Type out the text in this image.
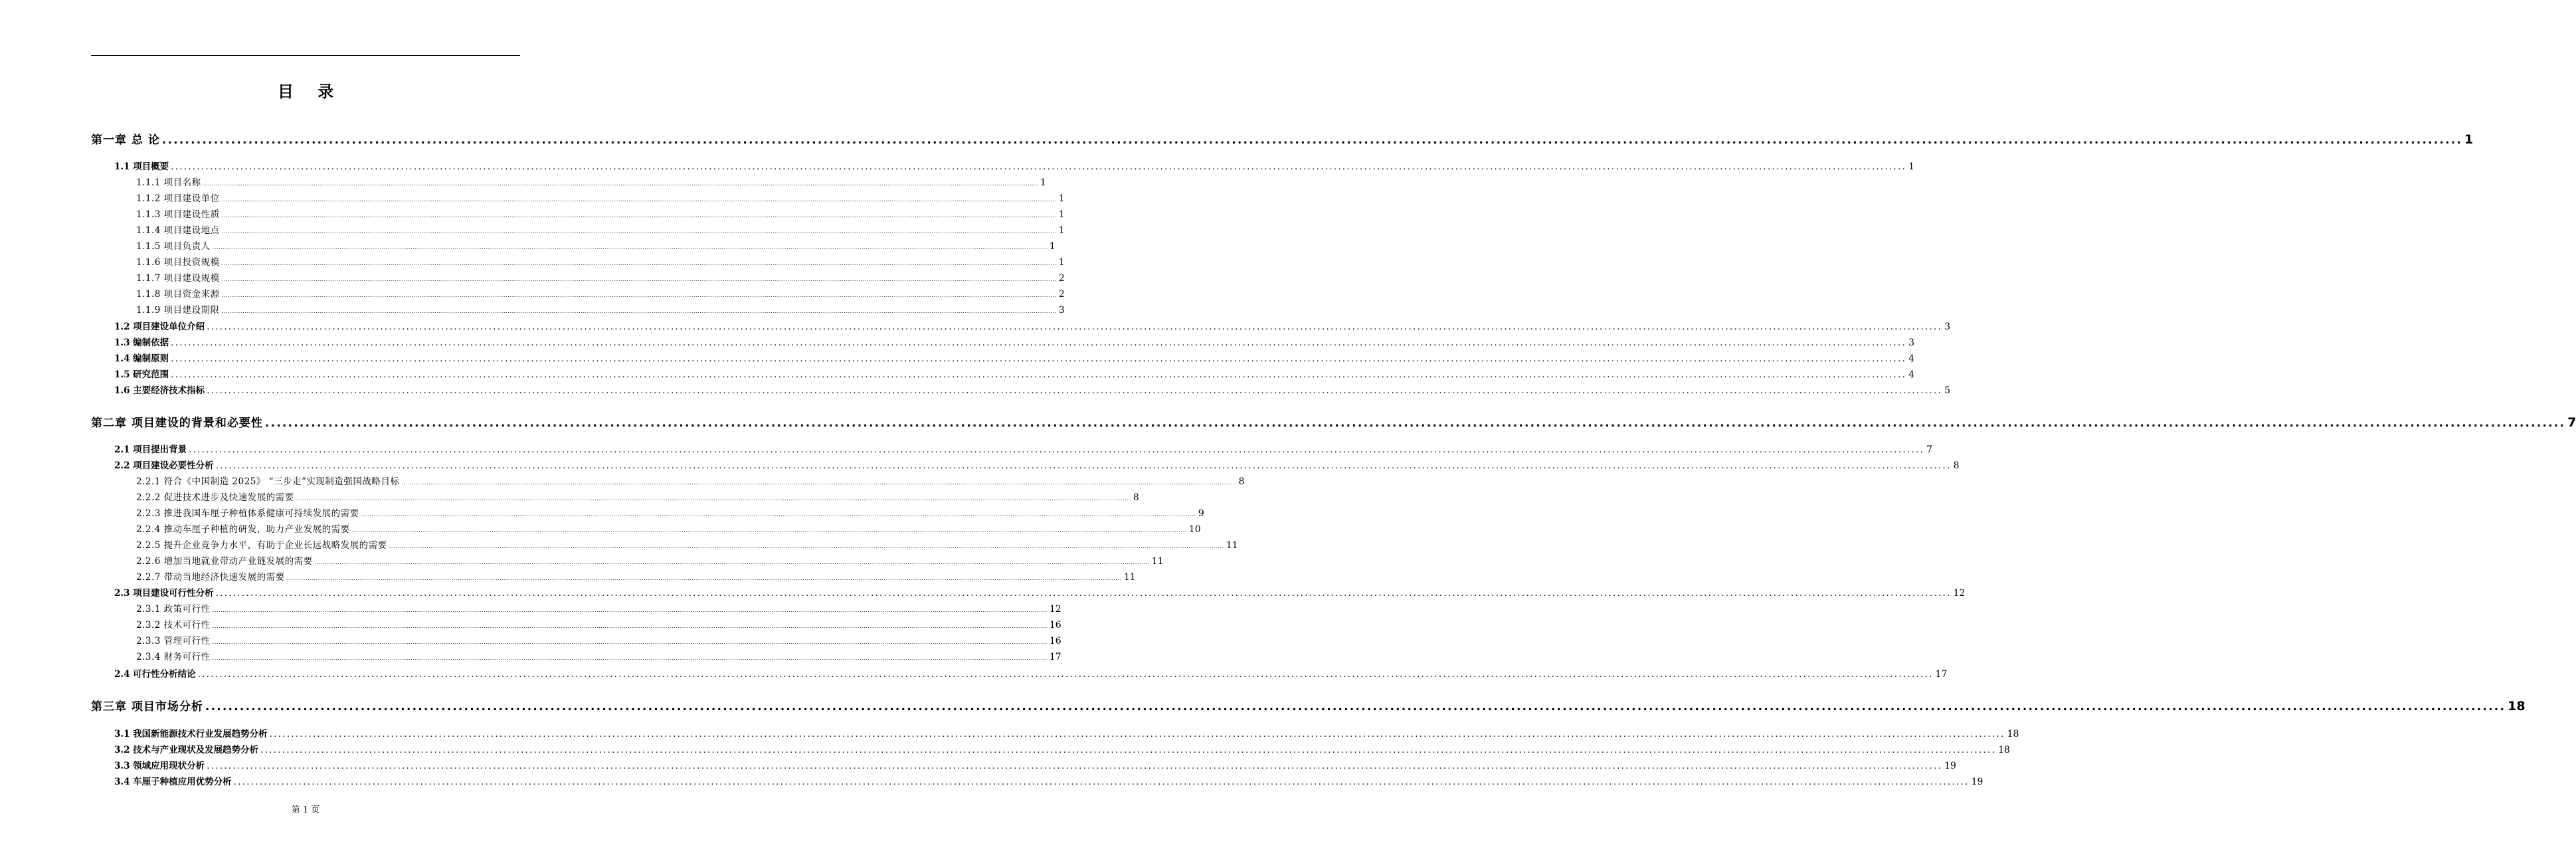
目 录
第一章 总 论 ................................................................................................................................................................................................................................................................................................................................................................................................................ 1
1.1 项目概要 ................................................................................................................................................................................................................................................................................................................................................................................................................ 1
1.1.1 项目名称 ................................................................................................................................................................................................................................................................................................................................................................................................................ 1
1.1.2 项目建设单位 ................................................................................................................................................................................................................................................................................................................................................................................................................ 1
1.1.3 项目建设性质 ................................................................................................................................................................................................................................................................................................................................................................................................................ 1
1.1.4 项目建设地点 ................................................................................................................................................................................................................................................................................................................................................................................................................ 1
1.1.5 项目负责人 ................................................................................................................................................................................................................................................................................................................................................................................................................ 1
1.1.6 项目投资规模 ................................................................................................................................................................................................................................................................................................................................................................................................................ 1
1.1.7 项目建设规模 ................................................................................................................................................................................................................................................................................................................................................................................................................ 2
1.1.8 项目资金来源 ................................................................................................................................................................................................................................................................................................................................................................................................................ 2
1.1.9 项目建设期限 ................................................................................................................................................................................................................................................................................................................................................................................................................ 3
1.2 项目建设单位介绍 ................................................................................................................................................................................................................................................................................................................................................................................................................ 3
1.3 编制依据 ................................................................................................................................................................................................................................................................................................................................................................................................................ 3
1.4 编制原则 ................................................................................................................................................................................................................................................................................................................................................................................................................ 4
1.5 研究范围 ................................................................................................................................................................................................................................................................................................................................................................................................................ 4
1.6 主要经济技术指标 ................................................................................................................................................................................................................................................................................................................................................................................................................ 5
第二章 项目建设的背景和必要性 ................................................................................................................................................................................................................................................................................................................................................................................................................ 7
2.1 项目提出背景 ................................................................................................................................................................................................................................................................................................................................................................................................................ 7
2.2 项目建设必要性分析 ................................................................................................................................................................................................................................................................................................................................................................................................................ 8
2.2.1 符合《中国制造 2025》 “三步走”实现制造强国战略目标 ................................................................................................................................................................................................................................................................................................................................................................................................................ 8
2.2.2 促进技术进步及快速发展的需要 ................................................................................................................................................................................................................................................................................................................................................................................................................ 8
2.2.3 推进我国车厘子种植体系健康可持续发展的需要 ................................................................................................................................................................................................................................................................................................................................................................................................................ 9
2.2.4 推动车厘子种植的研发，助力产业发展的需要 ................................................................................................................................................................................................................................................................................................................................................................................................................ 10
2.2.5 提升企业竞争力水平，有助于企业长远战略发展的需要 ................................................................................................................................................................................................................................................................................................................................................................................................................ 11
2.2.6 增加当地就业带动产业链发展的需要 ................................................................................................................................................................................................................................................................................................................................................................................................................ 11
2.2.7 带动当地经济快速发展的需要 ................................................................................................................................................................................................................................................................................................................................................................................................................ 11
2.3 项目建设可行性分析 ................................................................................................................................................................................................................................................................................................................................................................................................................ 12
2.3.1 政策可行性 ................................................................................................................................................................................................................................................................................................................................................................................................................ 12
2.3.2 技术可行性 ................................................................................................................................................................................................................................................................................................................................................................................................................ 16
2.3.3 管理可行性 ................................................................................................................................................................................................................................................................................................................................................................................................................ 16
2.3.4 财务可行性 ................................................................................................................................................................................................................................................................................................................................................................................................................ 17
2.4 可行性分析结论 ................................................................................................................................................................................................................................................................................................................................................................................................................ 17
第三章 项目市场分析 ................................................................................................................................................................................................................................................................................................................................................................................................................ 18
3.1 我国新能源技术行业发展趋势分析 ................................................................................................................................................................................................................................................................................................................................................................................................................ 18
3.2 技术与产业现状及发展趋势分析 ................................................................................................................................................................................................................................................................................................................................................................................................................ 18
3.3 领域应用现状分析 ................................................................................................................................................................................................................................................................................................................................................................................................................ 19
3.4 车厘子种植应用优势分析 ................................................................................................................................................................................................................................................................................................................................................................................................................ 19
第 1 页
